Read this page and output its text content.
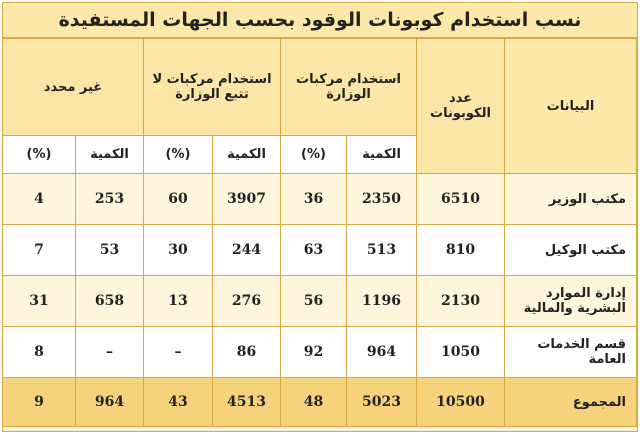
نسب استخدام كوبونات الوقود بحسب الجهات المستفيدة
البيانات	عدد الكوبونات	استخدام مركبات الوزارة		استخدام مركبات لا تتبع الوزارة		غير محدد	
		الكمية	(%)	الكمية	(%)	الكمية	(%)
مكتب الوزير	6510	2350	36	3907	60	253	4
مكتب الوكيل	810	513	63	244	30	53	7
إدارة الموارد البشرية والمالية	2130	1196	56	276	13	658	31
قسم الخدمات العامة	1050	964	92	86	–	–	8
المجموع	10500	5023	48	4513	43	964	9
